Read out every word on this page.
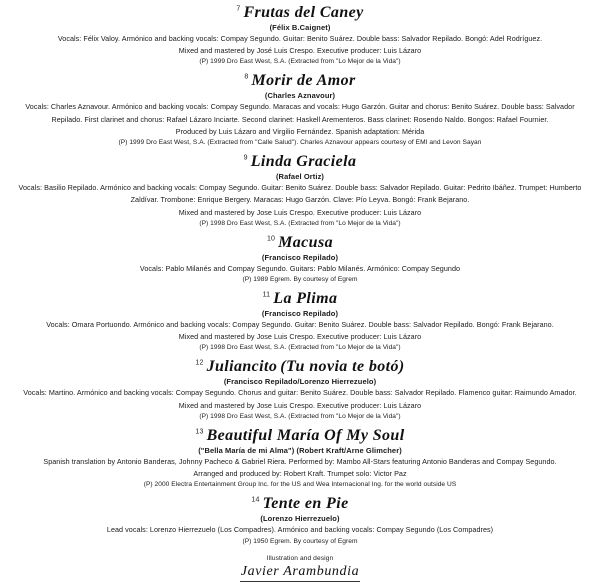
$^7$ Frutas del Caney
(Félix B.Caignet)
Vocals: Félix Valoy. Armónico and backing vocals: Compay Segundo. Guitar: Benito Suárez. Double bass: Salvador Repilado. Bongó: Adel Rodríguez.
Mixed and mastered by José Luis Crespo. Executive producer: Luis Lázaro
(P) 1999 Dro East West, S.A. (Extracted from "Lo Mejor de la Vida")
$^8$ Morir de Amor
(Charles Aznavour)
Vocals: Charles Aznavour. Armónico and backing vocals: Compay Segundo. Maracas and vocals: Hugo Garzón. Guitar and chorus: Benito Suárez. Double bass: Salvador
Repilado. First clarinet and chorus: Rafael Lázaro Inciarte. Second clarinet: Haskell Arementeros. Bass clarinet: Rosendo Naldo. Bongos: Rafael Fournier.
Produced by Luis Lázaro and Virgilio Fernández. Spanish adaptation: Mérida
(P) 1999 Dro East West, S.A. (Extracted from "Calle Salud"). Charles Aznavour appears courtesy of EMI and Levon Sayan
$^9$ Linda Graciela
(Rafael Ortiz)
Vocals: Basilio Repilado. Armónico and backing vocals: Compay Segundo. Guitar: Benito Suárez. Double bass: Salvador Repilado. Guitar: Pedrito Ibáñez. Trumpet: Humberto
Zaldívar. Trombone: Enrique Bergery. Maracas: Hugo Garzón. Clave: Pío Leyva. Bongó: Frank Bejarano.
Mixed and mastered by Jose Luis Crespo. Executive producer: Luis Lázaro
(P) 1998 Dro East West, S.A. (Extracted from "Lo Mejor de la Vida")
$^{10}$ Macusa
(Francisco Repilado)
Vocals: Pablo Milanés and Compay Segundo. Guitars: Pablo Milanés. Armónico: Compay Segundo
(P) 1989 Egrem. By courtesy of Egrem
$^{11}$ La Plima
(Francisco Repilado)
Vocals: Omara Portuondo. Armónico and backing vocals: Compay Segundo. Guitar: Benito Suárez. Double bass: Salvador Repilado. Bongó: Frank Bejarano.
Mixed and mastered by Jose Luis Crespo. Executive producer: Luis Lázaro
(P) 1998 Dro East West, S.A. (Extracted from "Lo Mejor de la Vida")
$^{12}$ Juliancito (Tu novia te botó)
(Francisco Repilado/Lorenzo Hierrezuelo)
Vocals: Martino. Armónico and backing vocals: Compay Segundo. Chorus and guitar: Benito Suárez. Double bass: Salvador Repilado. Flamenco guitar: Raimundo Amador.
Mixed and mastered by Jose Luis Crespo. Executive producer: Luis Lázaro
(P) 1998 Dro East West, S.A. (Extracted from "Lo Mejor de la Vida")
$^{13}$ Beautiful María Of My Soul
("Bella María de mi Alma") (Robert Kraft/Arne Glimcher)
Spanish translation by Antonio Banderas, Johnny Pacheco & Gabriel Riera. Performed by: Mambo All-Stars featuring Antonio Banderas and Compay Segundo.
Arranged and produced by: Robert Kraft. Trumpet solo: Victor Paz
(P) 2000 Electra Entertainment Group Inc. for the US and Wea Internacional Ing. for the world outside US
$^{14}$ Tente en Pie
(Lorenzo Hierrezuelo)
Lead vocals: Lorenzo Hierrezuelo (Los Compadres). Armónico and backing vocals: Compay Segundo (Los Compadres)
(P) 1950 Egrem. By courtesy of Egrem
Illustration and design
Javier Arambundia
